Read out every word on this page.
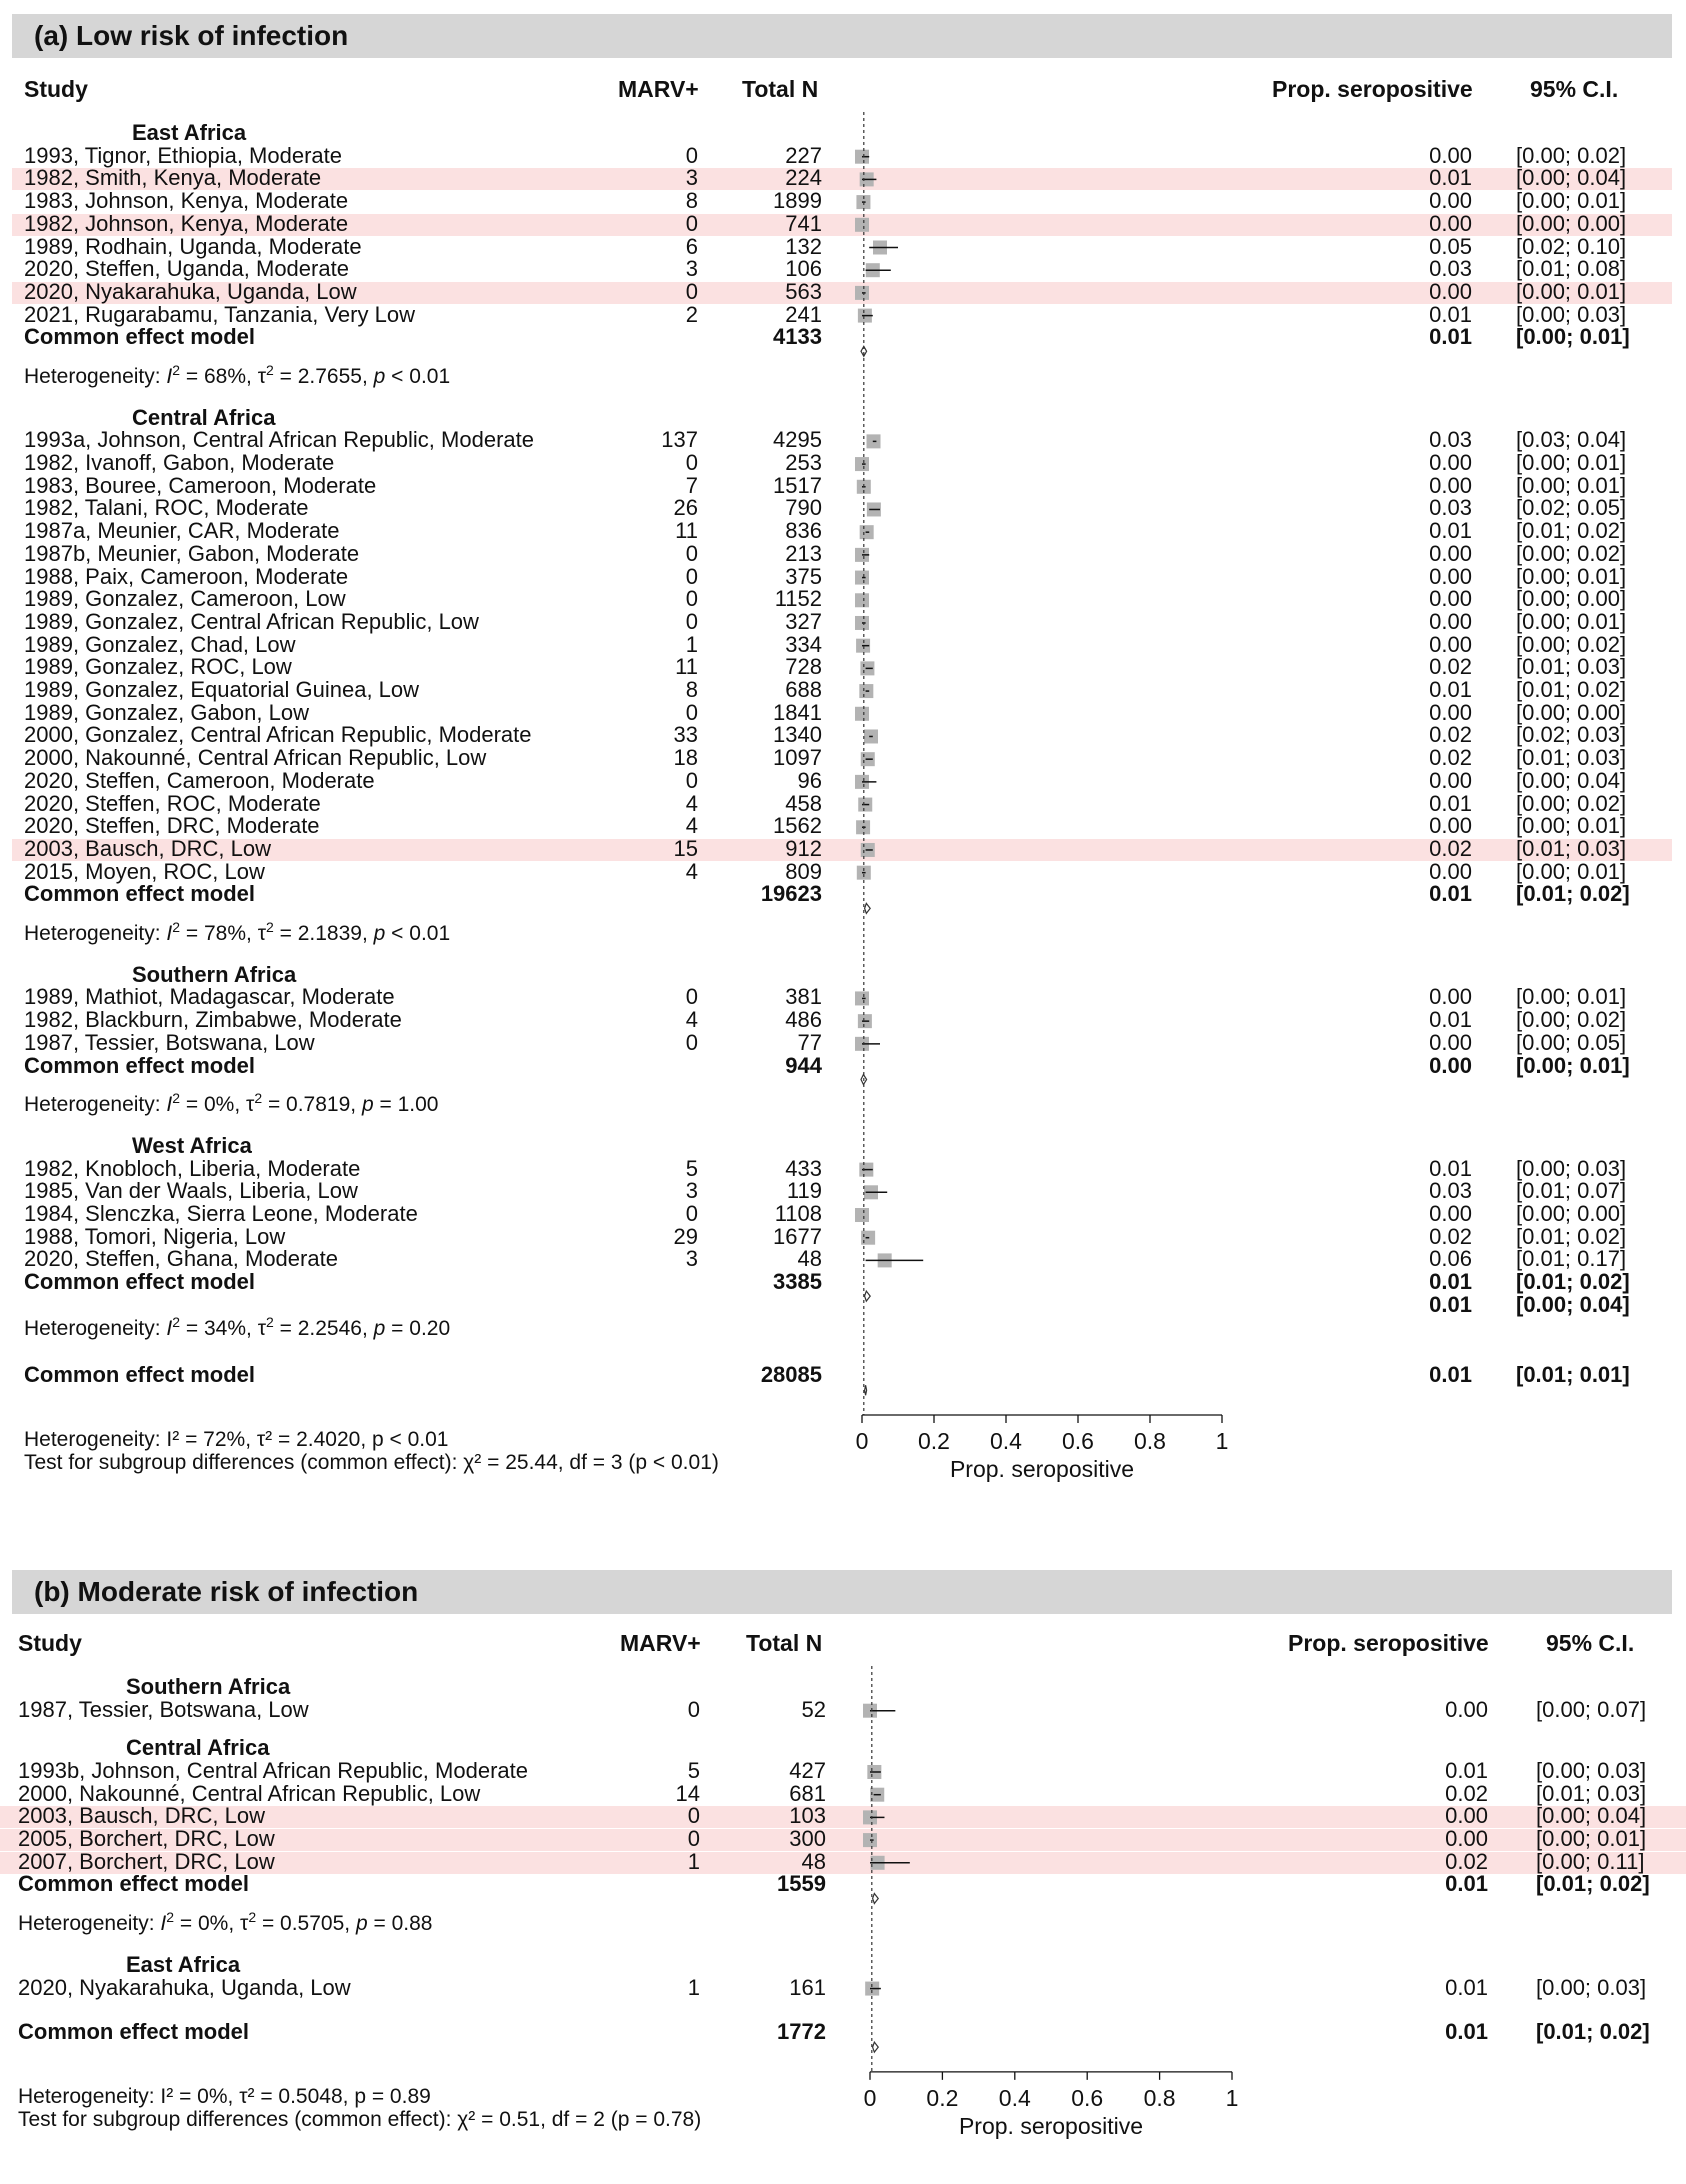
(a) Low risk of infection
Study	MARV+ Total N	Prop. seropositive 95% C.I.
East Africa
1993, Tignor, Ethiopia, Moderate	0	227	0.00 [0.00; 0.02]
1982, Smith, Kenya, Moderate	3	224	0.01 [0.00; 0.04]
1983, Johnson, Kenya, Moderate	8	1899	0.00 [0.00; 0.01]
1982, Johnson, Kenya, Moderate	0	741	0.00 [0.00; 0.00]
1989, Rodhain, Uganda, Moderate	6	132	0.05 [0.02; 0.10]
2020, Steffen, Uganda, Moderate	3	106	0.03 [0.01; 0.08]
2020, Nyakarahuka, Uganda, Low	0	563	0.00 [0.00; 0.01]
2021, Rugarabamu, Tanzania, Very Low	2	241	0.01 [0.00; 0.03]
Common effect model	4133	0.01 [0.00; 0.01]
Heterogeneity: $I^2 = 68\%$, $\tau^2 = 2.7655$, p < 0.01
Central Africa
1993a, Johnson, Central African Republic, Moderate	137	4295	0.03 [0.03; 0.04]
1982, Ivanoff, Gabon, Moderate	0	253	0.00 [0.00; 0.01]
1983, Bouree, Cameroon, Moderate	7	1517	0.00 [0.00; 0.01]
1982, Talani, ROC, Moderate	26	790	0.03 [0.02; 0.05]
1987a, Meunier, CAR, Moderate	11	836	0.01 [0.01; 0.02]
1987b, Meunier, Gabon, Moderate	0	213	0.00 [0.00; 0.02]
1988, Paix, Cameroon, Moderate	0	375	0.00 [0.00; 0.01]
1989, Gonzalez, Cameroon, Low	0	1152	0.00 [0.00; 0.00]
1989, Gonzalez, Central African Republic, Low	0	327	0.00 [0.00; 0.01]
1989, Gonzalez, Chad, Low	1	334	0.00 [0.00; 0.02]
1989, Gonzalez, ROC, Low	11	728	0.02 [0.01; 0.03]
1989, Gonzalez, Equatorial Guinea, Low	8	688	0.01 [0.01; 0.02]
1989, Gonzalez, Gabon, Low	0	1841	0.00 [0.00; 0.00]
2000, Gonzalez, Central African Republic, Moderate	33	1340	0.02 [0.02; 0.03]
2000, Nakounné, Central African Republic, Low	18	1097	0.02 [0.01; 0.03]
2020, Steffen, Cameroon, Moderate	0	96	0.00 [0.00; 0.04]
2020, Steffen, ROC, Moderate	4	458	0.01 [0.00; 0.02]
2020, Steffen, DRC, Moderate	4	1562	0.00 [0.00; 0.01]
2003, Bausch, DRC, Low	15	912	0.02 [0.01; 0.03]
2015, Moyen, ROC, Low	4	809	0.00 [0.00; 0.01]
Common effect model	19623	0.01 [0.01; 0.02]
Heterogeneity: $I^2 = 78\%$, $\tau^2 = 2.1839$, p < 0.01
Southern Africa
1989, Mathiot, Madagascar, Moderate	0	381	0.00 [0.00; 0.01]
1982, Blackburn, Zimbabwe, Moderate	4	486	0.01 [0.00; 0.02]
1987, Tessier, Botswana, Low	0	77	0.00 [0.00; 0.05]
Common effect model	944	0.00 [0.00; 0.01]
Heterogeneity: $I^2 = 0\%$, $\tau^2 = 0.7819$, p = 1.00
West Africa
1982, Knobloch, Liberia, Moderate	5	433	0.01 [0.00; 0.03]
1985, Van der Waals, Liberia, Low	3	119	0.03 [0.01; 0.07]
1984, Slenczka, Sierra Leone, Moderate	0	1108	0.00 [0.00; 0.00]
1988, Tomori, Nigeria, Low	29	1677	0.02 [0.01; 0.02]
2020, Steffen, Ghana, Moderate	3	48	0.06 [0.01; 0.17]
Common effect model	3385	0.01 [0.01; 0.02]
0.01 [0.00; 0.04]
Heterogeneity: $I^2 = 34\%$, $\tau^2 = 2.2546$, p = 0.20
Common effect model	28085	0.01 [0.01; 0.01]
0 0.2 0.4 0.6 0.8 1
Prop. seropositive
Heterogeneity: I² = 72%, τ² = 2.4020, p < 0.01
Test for subgroup differences (common effect): χ² = 25.44, df = 3 (p < 0.01)
(b) Moderate risk of infection
Study	MARV+ Total N	Prop. seropositive 95% C.I.
Southern Africa
1987, Tessier, Botswana, Low	0	52	0.00 [0.00; 0.07]
Central Africa
1993b, Johnson, Central African Republic, Moderate	5	427	0.01 [0.00; 0.03]
2000, Nakounné, Central African Republic, Low	14	681	0.02 [0.01; 0.03]
2003, Bausch, DRC, Low	0	103	0.00 [0.00; 0.04]
2005, Borchert, DRC, Low	0	300	0.00 [0.00; 0.01]
2007, Borchert, DRC, Low	1	48	0.02 [0.00; 0.11]
Common effect model	1559	0.01 [0.01; 0.02]
Heterogeneity: $I^2 = 0\%$, $\tau^2 = 0.5705$, p = 0.88
East Africa
2020, Nyakarahuka, Uganda, Low	1	161	0.01 [0.00; 0.03]
Common effect model	1772	0.01 [0.01; 0.02]
0 0.2 0.4 0.6 0.8 1
Prop. seropositive
Heterogeneity: I² = 0%, τ² = 0.5048, p = 0.89
Test for subgroup differences (common effect): χ² = 0.51, df = 2 (p = 0.78)
